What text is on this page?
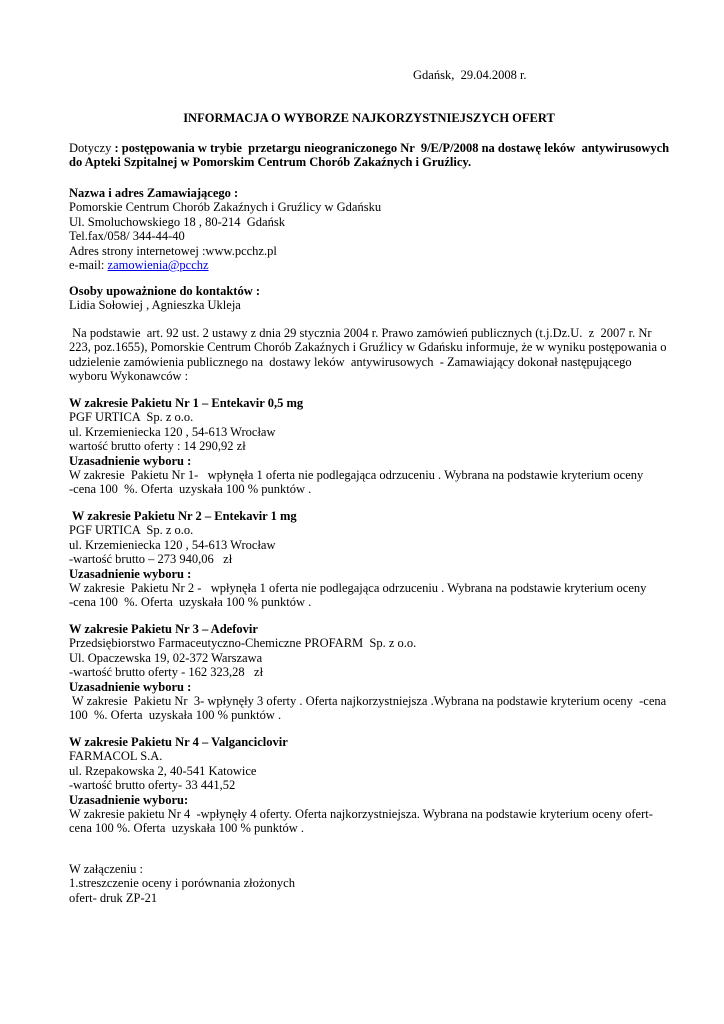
Gdańsk,  29.04.2008 r.
INFORMACJA O WYBORZE NAJKORZYSTNIEJSZYCH OFERT
Dotyczy : postępowania w trybie  przetargu nieograniczonego Nr  9/E/P/2008 na dostawę leków  antywirusowych
do Apteki Szpitalnej w Pomorskim Centrum Chorób Zakaźnych i Gruźlicy.
Nazwa i adres Zamawiającego :
Pomorskie Centrum Chorób Zakaźnych i Gruźlicy w Gdańsku
Ul. Smoluchowskiego 18 , 80-214  Gdańsk
Tel.fax/058/ 344-44-40
Adres strony internetowej :www.pcchz.pl
e-mail: zamowienia@pcchz
Osoby upoważnione do kontaktów :
Lidia Sołowiej , Agnieszka Ukleja
Na podstawie  art. 92 ust. 2 ustawy z dnia 29 stycznia 2004 r. Prawo zamówień publicznych (t.j.Dz.U.  z  2007 r. Nr
223, poz.1655), Pomorskie Centrum Chorób Zakaźnych i Gruźlicy w Gdańsku informuje, że w wyniku postępowania o
udzielenie zamówienia publicznego na  dostawy leków  antywirusowych  - Zamawiający dokonał następującego
wyboru Wykonawców :
W zakresie Pakietu Nr 1 – Entekavir 0,5 mg
PGF URTICA  Sp. z o.o.
ul. Krzemieniecka 120 , 54-613 Wrocław
wartość brutto oferty : 14 290,92 zł
Uzasadnienie wyboru :
W zakresie  Pakietu Nr 1-   wpłynęła 1 oferta nie podlegająca odrzuceniu . Wybrana na podstawie kryterium oceny
-cena 100  %. Oferta  uzyskała 100 % punktów .
W zakresie Pakietu Nr 2 – Entekavir 1 mg
PGF URTICA  Sp. z o.o.
ul. Krzemieniecka 120 , 54-613 Wrocław
-wartość brutto – 273 940,06   zł
Uzasadnienie wyboru :
W zakresie  Pakietu Nr 2 -   wpłynęła 1 oferta nie podlegająca odrzuceniu . Wybrana na podstawie kryterium oceny
-cena 100  %. Oferta  uzyskała 100 % punktów .
W zakresie Pakietu Nr 3 – Adefovir
Przedsiębiorstwo Farmaceutyczno-Chemiczne PROFARM  Sp. z o.o.
Ul. Opaczewska 19, 02-372 Warszawa
-wartość brutto oferty - 162 323,28   zł
Uzasadnienie wyboru :
W zakresie  Pakietu Nr  3- wpłynęły 3 oferty . Oferta najkorzystniejsza .Wybrana na podstawie kryterium oceny  -cena
100  %. Oferta  uzyskała 100 % punktów .
W zakresie Pakietu Nr 4 – Valganciclovir
FARMACOL S.A.
ul. Rzepakowska 2, 40-541 Katowice
-wartość brutto oferty- 33 441,52
Uzasadnienie wyboru:
W zakresie pakietu Nr 4  -wpłynęły 4 oferty. Oferta najkorzystniejsza. Wybrana na podstawie kryterium oceny ofert-
cena 100 %. Oferta  uzyskała 100 % punktów .
W załączeniu :
1.streszczenie oceny i porównania złożonych
ofert- druk ZP-21
